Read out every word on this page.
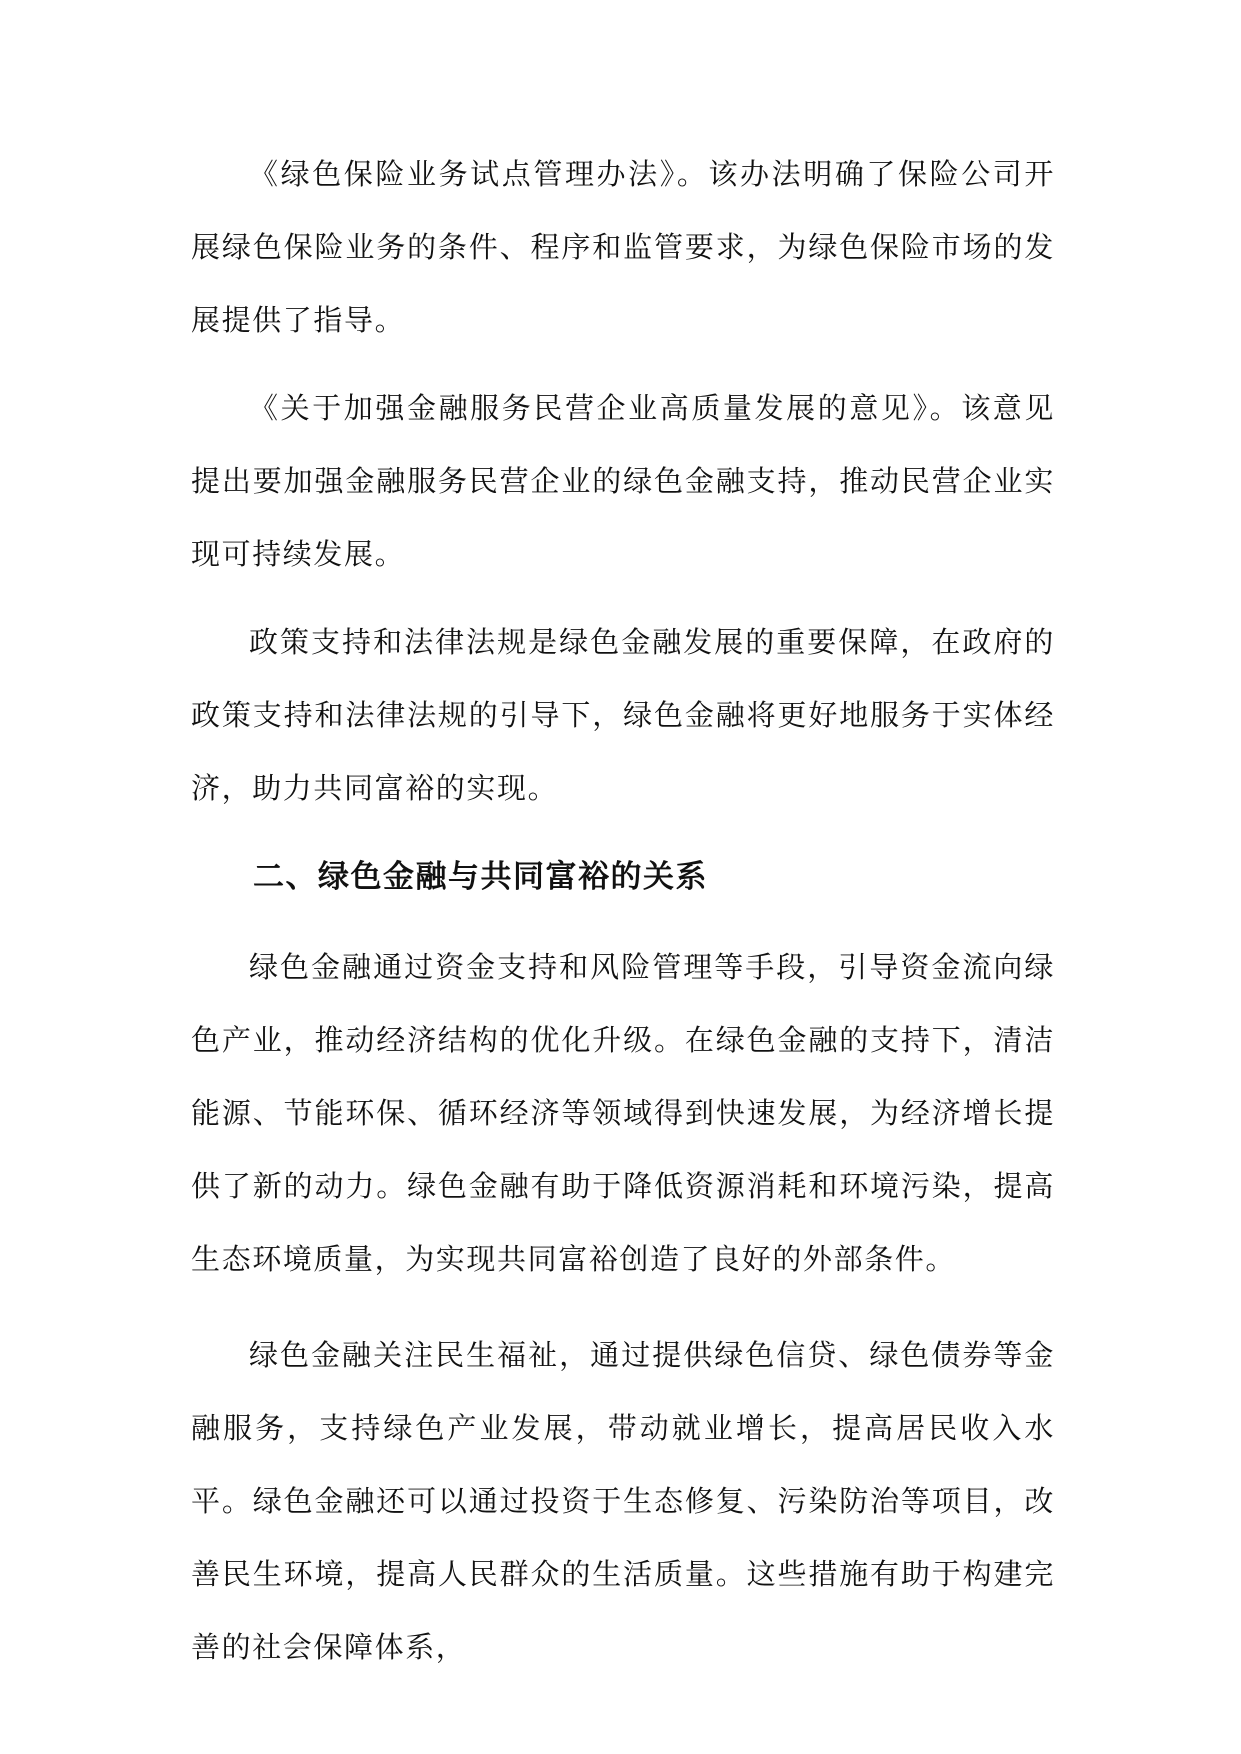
《绿色保险业务试点管理办法》。该办法明确了保险公司开展绿色保险业务的条件、程序和监管要求，为绿色保险市场的发展提供了指导。

《关于加强金融服务民营企业高质量发展的意见》。该意见提出要加强金融服务民营企业的绿色金融支持，推动民营企业实现可持续发展。

政策支持和法律法规是绿色金融发展的重要保障，在政府的政策支持和法律法规的引导下，绿色金融将更好地服务于实体经济，助力共同富裕的实现。

二、绿色金融与共同富裕的关系

绿色金融通过资金支持和风险管理等手段，引导资金流向绿色产业，推动经济结构的优化升级。在绿色金融的支持下，清洁能源、节能环保、循环经济等领域得到快速发展，为经济增长提供了新的动力。绿色金融有助于降低资源消耗和环境污染，提高生态环境质量，为实现共同富裕创造了良好的外部条件。

绿色金融关注民生福祉，通过提供绿色信贷、绿色债券等金融服务，支持绿色产业发展，带动就业增长，提高居民收入水平。绿色金融还可以通过投资于生态修复、污染防治等项目，改善民生环境，提高人民群众的生活质量。这些措施有助于构建完善的社会保障体系，
